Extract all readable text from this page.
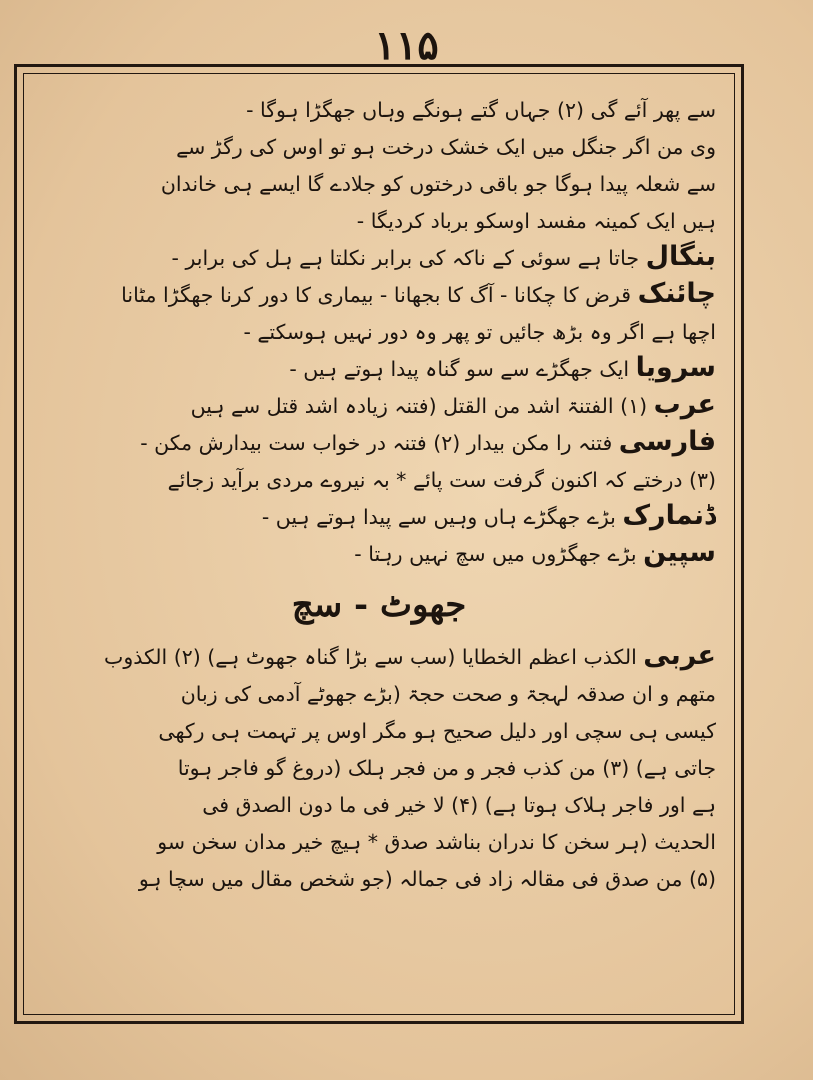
۱۱۵
سے پھر آئے گی (۲) جہاں گتے ہونگے وہاں جھگڑا ہوگا -
وی من اگر جنگل میں ایک خشک درخت ہو تو اوس کی رگڑ سے
سے شعلہ پیدا ہوگا جو باقی درختوں کو جلادے گا ایسے ہی خاندان
ہیں ایک کمینہ مفسد اوسکو برباد کردیگا -
بنگال جاتا ہے سوئی کے ناکہ کی برابر نکلتا ہے ہل کی برابر -
چائنک قرض کا چکانا - آگ کا بجھانا - بیماری کا دور کرنا جھگڑا مٹانا
اچھا ہے اگر وہ بڑھ جائیں تو پھر وہ دور نہیں ہوسکتے -
سرویا ایک جھگڑے سے سو گناہ پیدا ہوتے ہیں -
عرب (۱) الفتنۃ اشد من القتل (فتنہ زیادہ اشد قتل سے ہیں
فارسی فتنہ را مکن بیدار (۲) فتنہ در خواب ست بیدارش مکن -
(۳) درختے کہ اکنون گرفت ست پائے * بہ نیروے مردی برآید زجائے
ڈنمارک بڑے جھگڑے ہاں وہیں سے پیدا ہوتے ہیں -
سپین بڑے جھگڑوں میں سچ نہیں رہتا -
جھوٹ - سچ
عربی الکذب اعظم الخطایا (سب سے بڑا گناہ جھوٹ ہے) (۲) الکذوب
متھم و ان صدقہ لہجۃ و صحت حجۃ (بڑے جھوٹے آدمی کی زبان
کیسی ہی سچی اور دلیل صحیح ہو مگر اوس پر تہمت ہی رکھی
جاتی ہے) (۳) من کذب فجر و من فجر ہلک (دروغ گو فاجر ہوتا
ہے اور فاجر ہلاک ہوتا ہے) (۴) لا خیر فی ما دون الصدق فی
الحدیث (ہر سخن کا ندران بناشد صدق * ہیچ خیر مدان سخن سو
(۵) من صدق فی مقالہ زاد فی جمالہ (جو شخص مقال میں سچا ہو
